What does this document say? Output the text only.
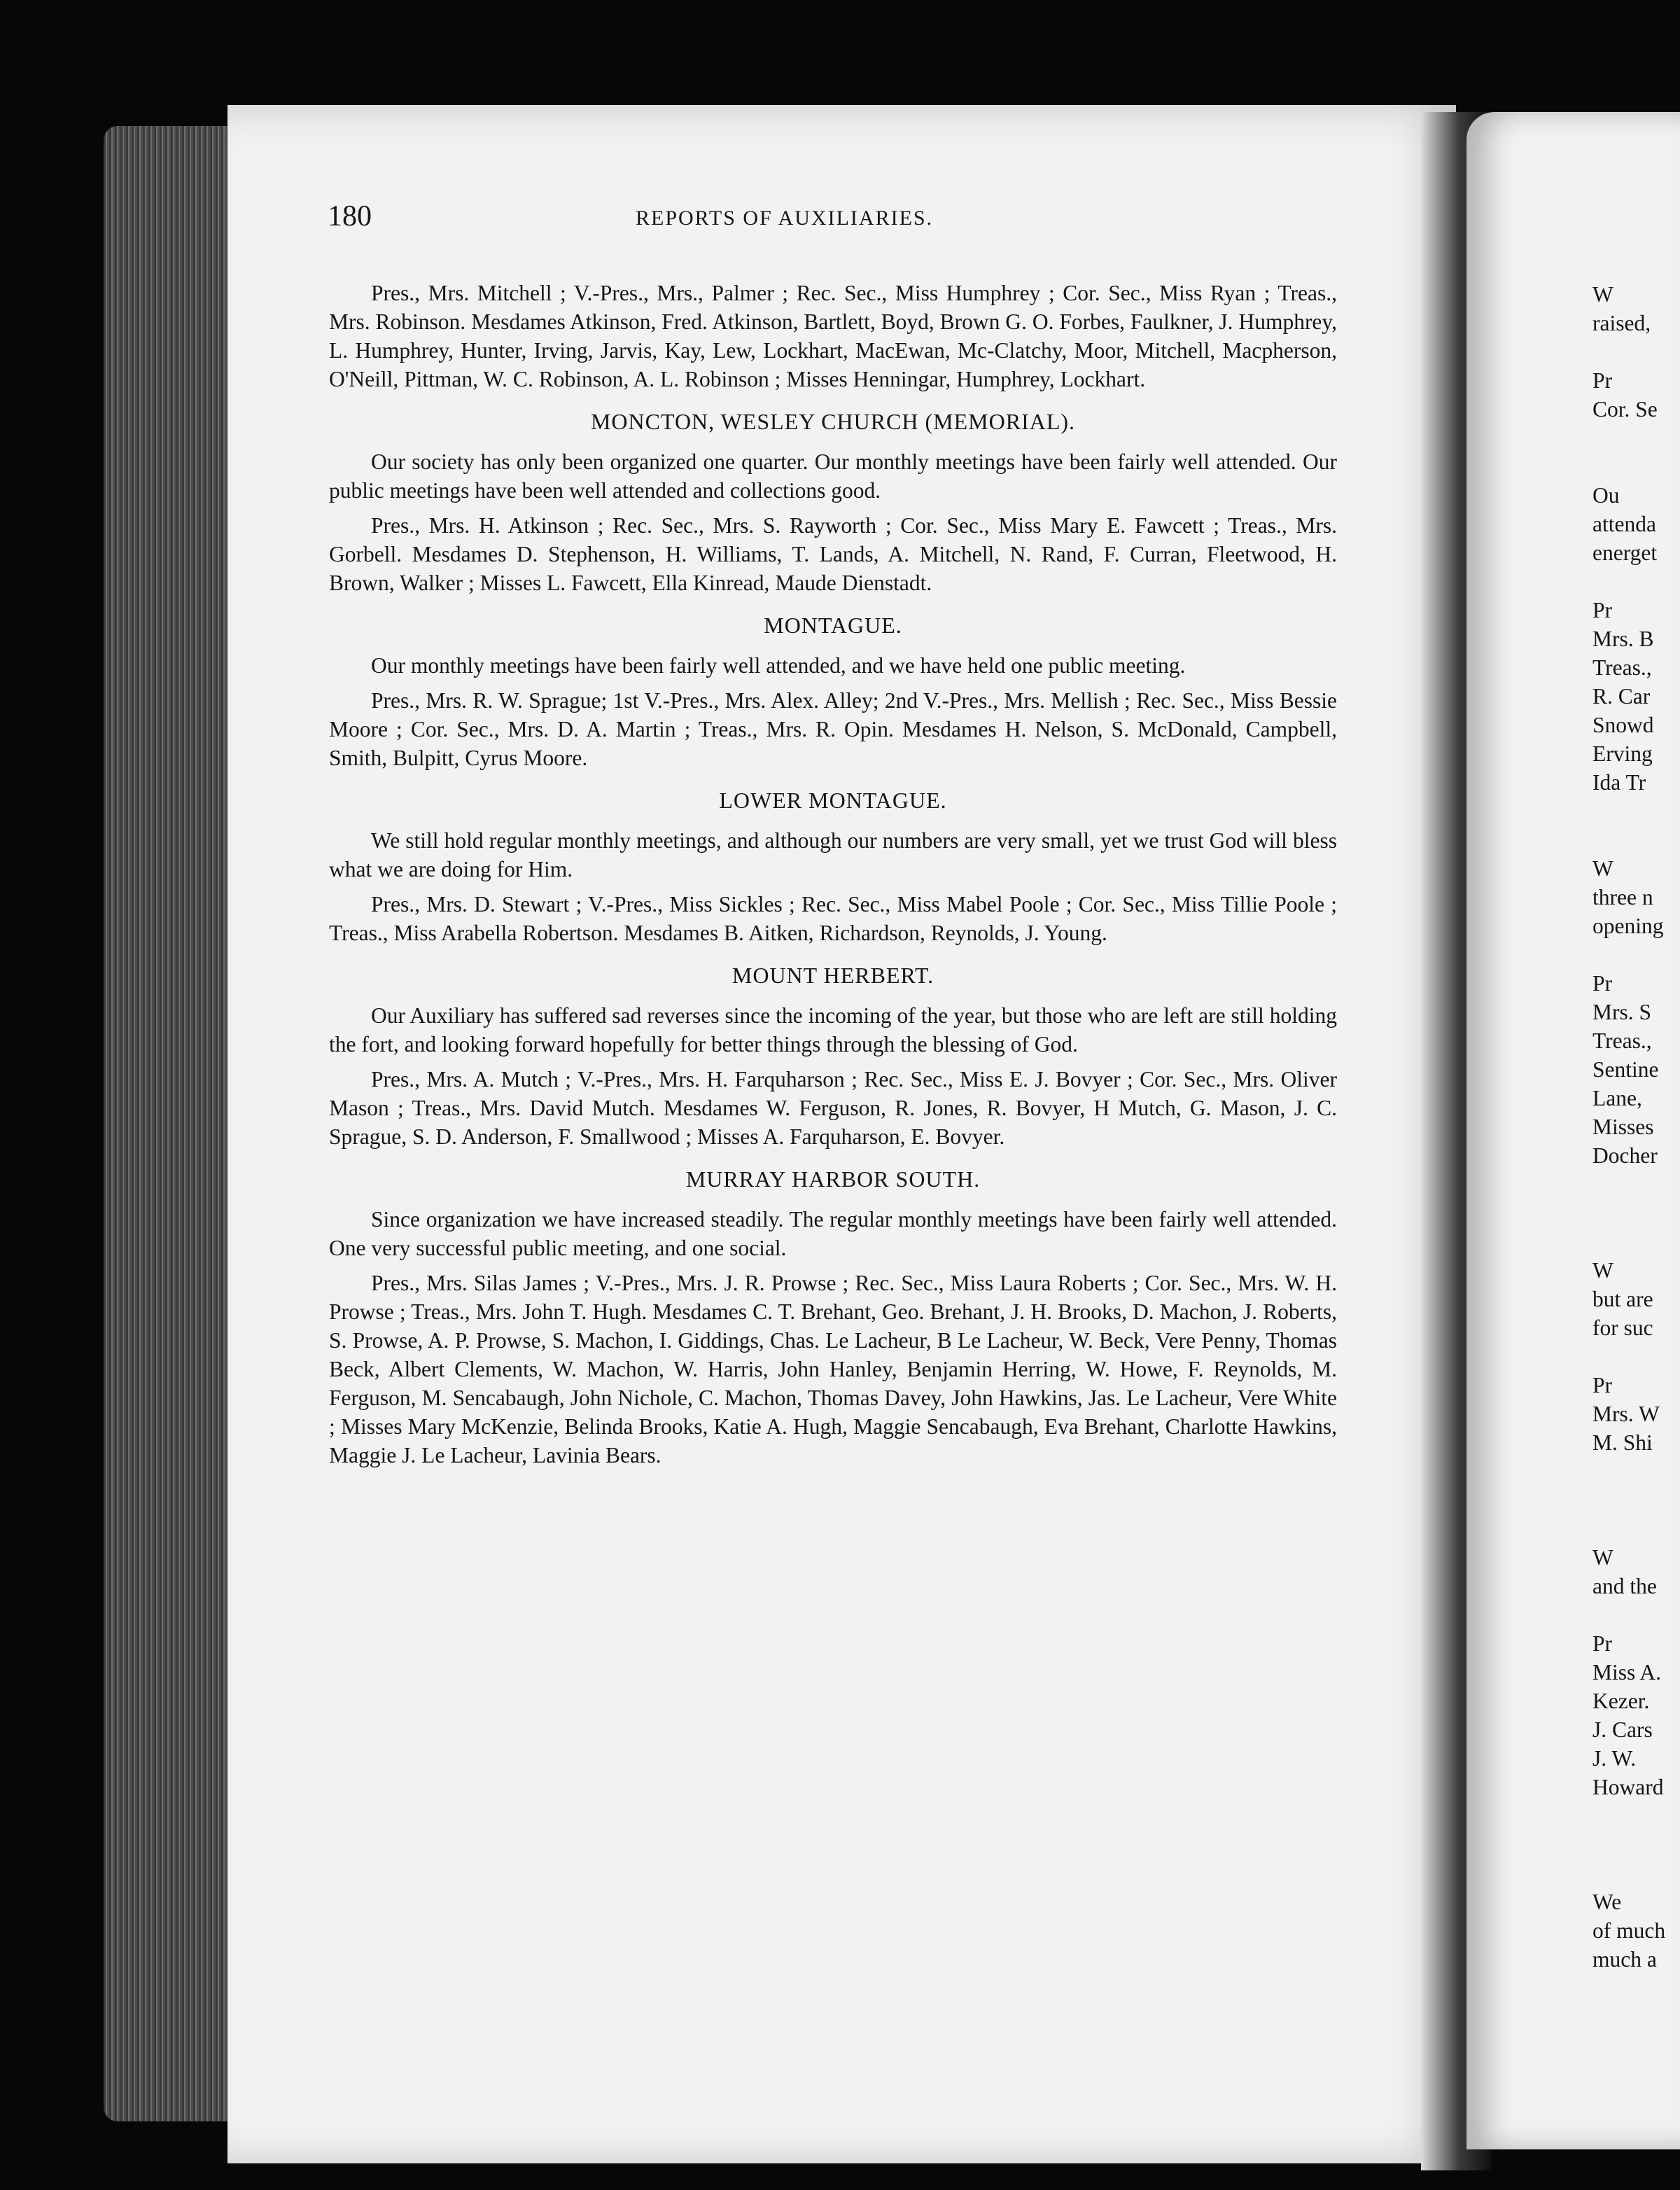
180	REPORTS OF AUXILIARIES.

Pres., Mrs. Mitchell ; V.-Pres., Mrs., Palmer ; Rec. Sec., Miss Humphrey ; Cor. Sec., Miss Ryan ; Treas., Mrs. Robinson. Mesdames Atkinson, Fred. Atkinson, Bartlett, Boyd, Brown G. O. Forbes, Faulkner, J. Humphrey, L. Humphrey, Hunter, Irving, Jarvis, Kay, Lew, Lockhart, MacEwan, Mc-Clatchy, Moor, Mitchell, Macpherson, O'Neill, Pittman, W. C. Robinson, A. L. Robinson ; Misses Henningar, Humphrey, Lockhart.

MONCTON, WESLEY CHURCH (MEMORIAL).

Our society has only been organized one quarter. Our monthly meetings have been fairly well attended. Our public meetings have been well attended and collections good.

Pres., Mrs. H. Atkinson ; Rec. Sec., Mrs. S. Rayworth ; Cor. Sec., Miss Mary E. Fawcett ; Treas., Mrs. Gorbell. Mesdames D. Stephenson, H. Williams, T. Lands, A. Mitchell, N. Rand, F. Curran, Fleetwood, H. Brown, Walker ; Misses L. Fawcett, Ella Kinread, Maude Dienstadt.

MONTAGUE.

Our monthly meetings have been fairly well attended, and we have held one public meeting.

Pres., Mrs. R. W. Sprague; 1st V.-Pres., Mrs. Alex. Alley; 2nd V.-Pres., Mrs. Mellish ; Rec. Sec., Miss Bessie Moore ; Cor. Sec., Mrs. D. A. Martin ; Treas., Mrs. R. Opin. Mesdames H. Nelson, S. McDonald, Campbell, Smith, Bulpitt, Cyrus Moore.

LOWER MONTAGUE.

We still hold regular monthly meetings, and although our numbers are very small, yet we trust God will bless what we are doing for Him.

Pres., Mrs. D. Stewart ; V.-Pres., Miss Sickles ; Rec. Sec., Miss Mabel Poole ; Cor. Sec., Miss Tillie Poole ; Treas., Miss Arabella Robertson. Mesdames B. Aitken, Richardson, Reynolds, J. Young.

MOUNT HERBERT.

Our Auxiliary has suffered sad reverses since the incoming of the year, but those who are left are still holding the fort, and looking forward hopefully for better things through the blessing of God.

Pres., Mrs. A. Mutch ; V.-Pres., Mrs. H. Farquharson ; Rec. Sec., Miss E. J. Bovyer ; Cor. Sec., Mrs. Oliver Mason ; Treas., Mrs. David Mutch. Mesdames W. Ferguson, R. Jones, R. Bovyer, H Mutch, G. Mason, J. C. Sprague, S. D. Anderson, F. Smallwood ; Misses A. Farquharson, E. Bovyer.

MURRAY HARBOR SOUTH.

Since organization we have increased steadily. The regular monthly meetings have been fairly well attended. One very successful public meeting, and one social.

Pres., Mrs. Silas James ; V.-Pres., Mrs. J. R. Prowse ; Rec. Sec., Miss Laura Roberts ; Cor. Sec., Mrs. W. H. Prowse ; Treas., Mrs. John T. Hugh. Mesdames C. T. Brehant, Geo. Brehant, J. H. Brooks, D. Machon, J. Roberts, S. Prowse, A. P. Prowse, S. Machon, I. Giddings, Chas. Le Lacheur, B Le Lacheur, W. Beck, Vere Penny, Thomas Beck, Albert Clements, W. Machon, W. Harris, John Hanley, Benjamin Herring, W. Howe, F. Reynolds, M. Ferguson, M. Sencabaugh, John Nichole, C. Machon, Thomas Davey, John Hawkins, Jas. Le Lacheur, Vere White ; Misses Mary McKenzie, Belinda Brooks, Katie A. Hugh, Maggie Sencabaugh, Eva Brehant, Charlotte Hawkins, Maggie J. Le Lacheur, Lavinia Bears.

W
raised,
Pr
Cor. Se
Ou
attenda
energet
Pr
Mrs. B
Treas.,
R. Car
Snowd
Erving
Ida Tr
W
three n
opening
Pr
Mrs. S
Treas.,
Sentine
Lane,
Misses
Docher
W
but are
for suc
Pr
Mrs. W
M. Shi
W
and the
Pr
Miss A.
Kezer.
J. Cars
J. W.
Howard
We
of much
much a
